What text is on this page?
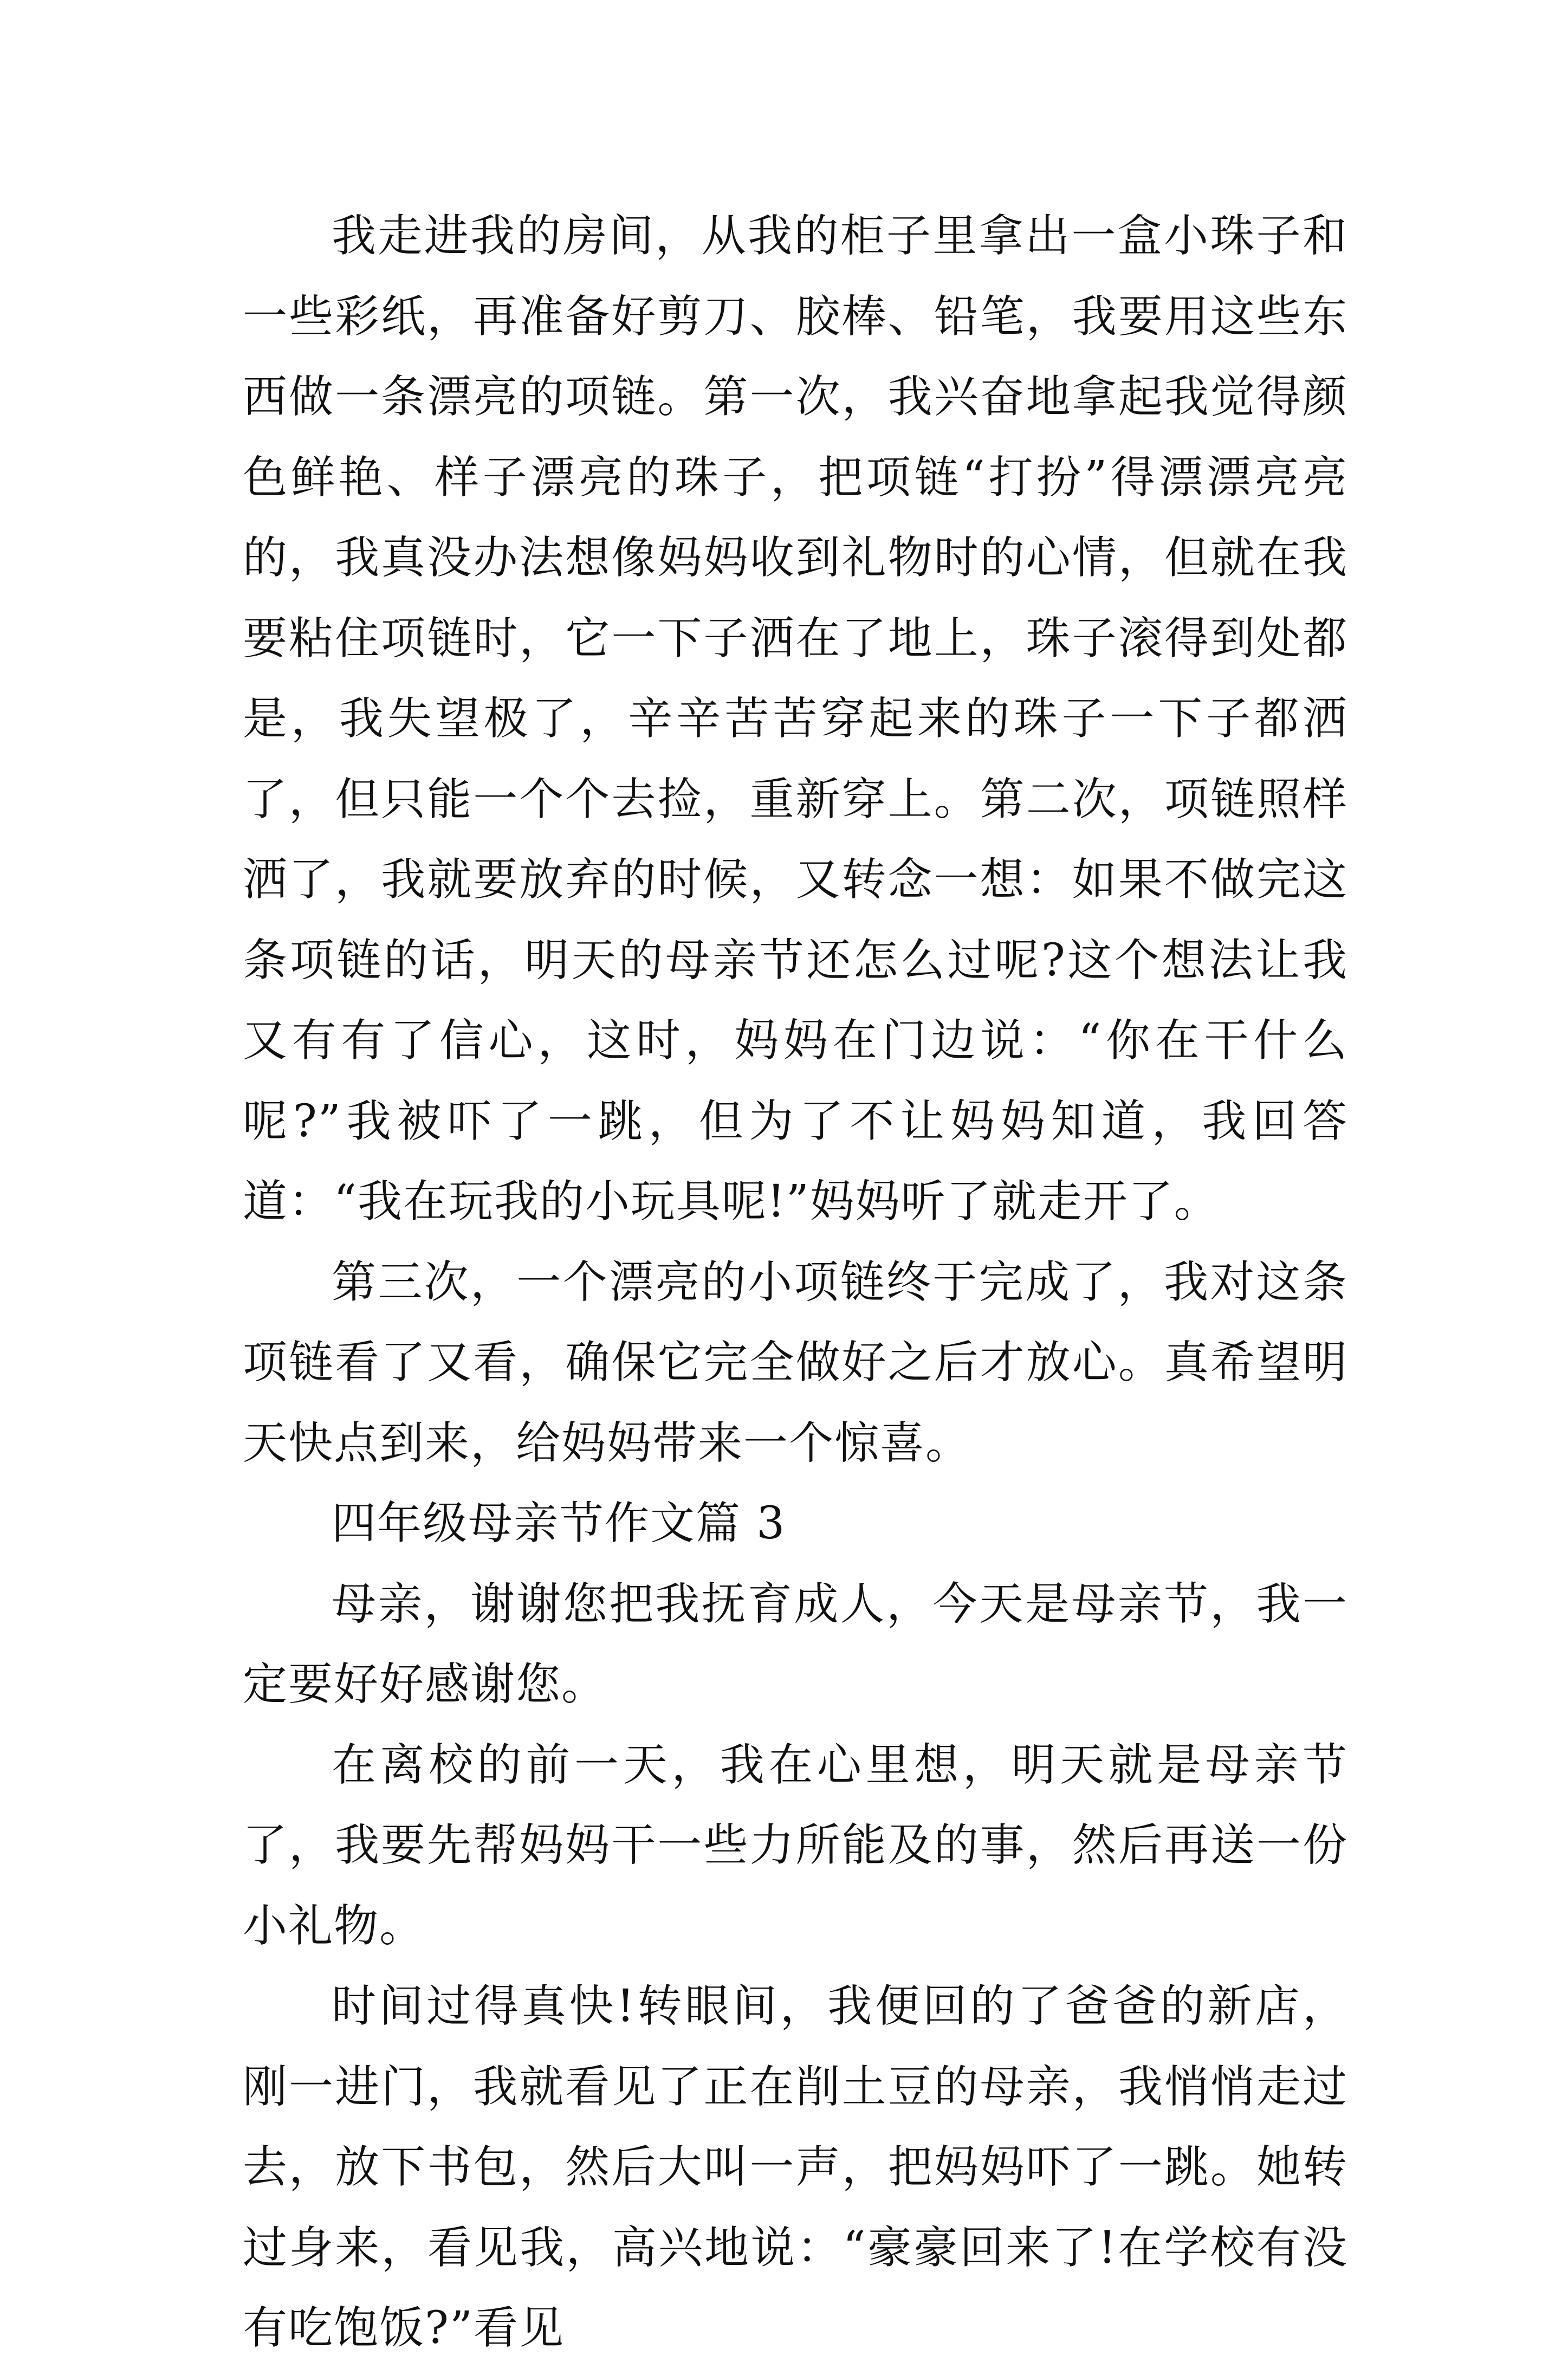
我走进我的房间，从我的柜子里拿出一盒小珠子和一些彩纸，再准备好剪刀、胶棒、铅笔，我要用这些东西做一条漂亮的项链。第一次，我兴奋地拿起我觉得颜色鲜艳、样子漂亮的珠子，把项链“打扮”得漂漂亮亮的，我真没办法想像妈妈收到礼物时的心情，但就在我要粘住项链时，它一下子洒在了地上，珠子滚得到处都是，我失望极了，辛辛苦苦穿起来的珠子一下子都洒了，但只能一个个去捡，重新穿上。第二次，项链照样洒了，我就要放弃的时候，又转念一想：如果不做完这条项链的话，明天的母亲节还怎么过呢?这个想法让我又有有了信心，这时，妈妈在门边说：“你在干什么呢?”我被吓了一跳，但为了不让妈妈知道，我回答道：“我在玩我的小玩具呢!”妈妈听了就走开了。

第三次，一个漂亮的小项链终于完成了，我对这条项链看了又看，确保它完全做好之后才放心。真希望明天快点到来，给妈妈带来一个惊喜。

四年级母亲节作文篇 3

母亲，谢谢您把我抚育成人，今天是母亲节，我一定要好好感谢您。

在离校的前一天，我在心里想，明天就是母亲节了，我要先帮妈妈干一些力所能及的事，然后再送一份小礼物。

时间过得真快!转眼间，我便回的了爸爸的新店，刚一进门，我就看见了正在削土豆的母亲，我悄悄走过去，放下书包，然后大叫一声，把妈妈吓了一跳。她转过身来，看见我，高兴地说：“豪豪回来了!在学校有没有吃饱饭?”看见
